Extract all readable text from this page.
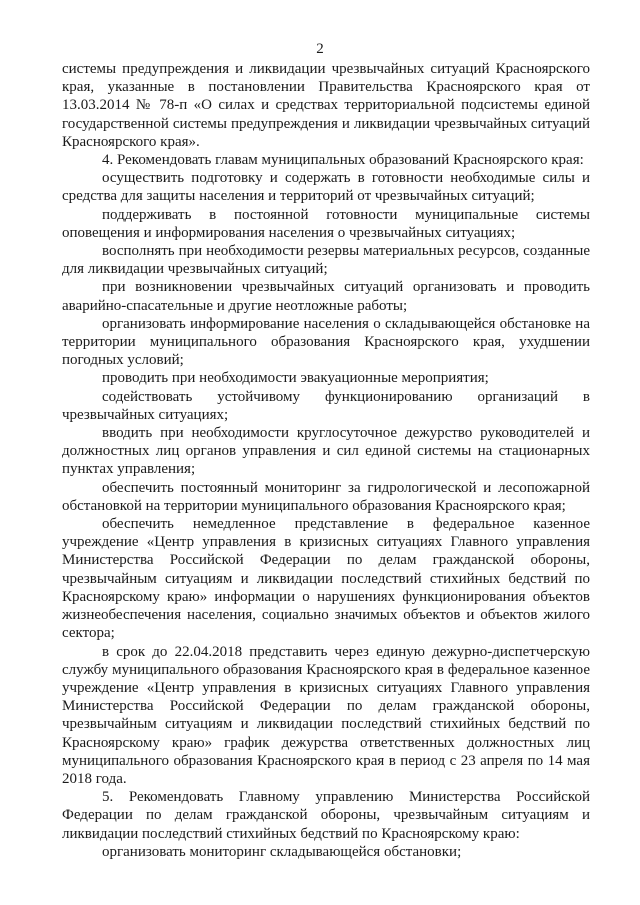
2

системы предупреждения и ликвидации чрезвычайных ситуаций Красноярского края, указанные в постановлении Правительства Красноярского края от 13.03.2014 № 78-п «О силах и средствах территориальной подсистемы единой государственной системы предупреждения и ликвидации чрезвычайных ситуаций Красноярского края».

4. Рекомендовать главам муниципальных образований Красноярского края:

осуществить подготовку и содержать в готовности необходимые силы и средства для защиты населения и территорий от чрезвычайных ситуаций;

поддерживать в постоянной готовности муниципальные системы оповещения и информирования населения о чрезвычайных ситуациях;

восполнять при необходимости резервы материальных ресурсов, созданные для ликвидации чрезвычайных ситуаций;

при возникновении чрезвычайных ситуаций организовать и проводить аварийно-спасательные и другие неотложные работы;

организовать информирование населения о складывающейся обстановке на территории муниципального образования Красноярского края, ухудшении погодных условий;

проводить при необходимости эвакуационные мероприятия;

содействовать устойчивому функционированию организаций в чрезвычайных ситуациях;

вводить при необходимости круглосуточное дежурство руководителей и должностных лиц органов управления и сил единой системы на стационарных пунктах управления;

обеспечить постоянный мониторинг за гидрологической и лесопожарной обстановкой на территории муниципального образования Красноярского края;

обеспечить немедленное представление в федеральное казенное учреждение «Центр управления в кризисных ситуациях Главного управления Министерства Российской Федерации по делам гражданской обороны, чрезвычайным ситуациям и ликвидации последствий стихийных бедствий по Красноярскому краю» информации о нарушениях функционирования объектов жизнеобеспечения населения, социально значимых объектов и объектов жилого сектора;

в срок до 22.04.2018 представить через единую дежурно-диспетчерскую службу муниципального образования Красноярского края в федеральное казенное учреждение «Центр управления в кризисных ситуациях Главного управления Министерства Российской Федерации по делам гражданской обороны, чрезвычайным ситуациям и ликвидации последствий стихийных бедствий по Красноярскому краю» график дежурства ответственных должностных лиц муниципального образования Красноярского края в период с 23 апреля по 14 мая 2018 года.

5. Рекомендовать Главному управлению Министерства Российской Федерации по делам гражданской обороны, чрезвычайным ситуациям и ликвидации последствий стихийных бедствий по Красноярскому краю:

организовать мониторинг складывающейся обстановки;
